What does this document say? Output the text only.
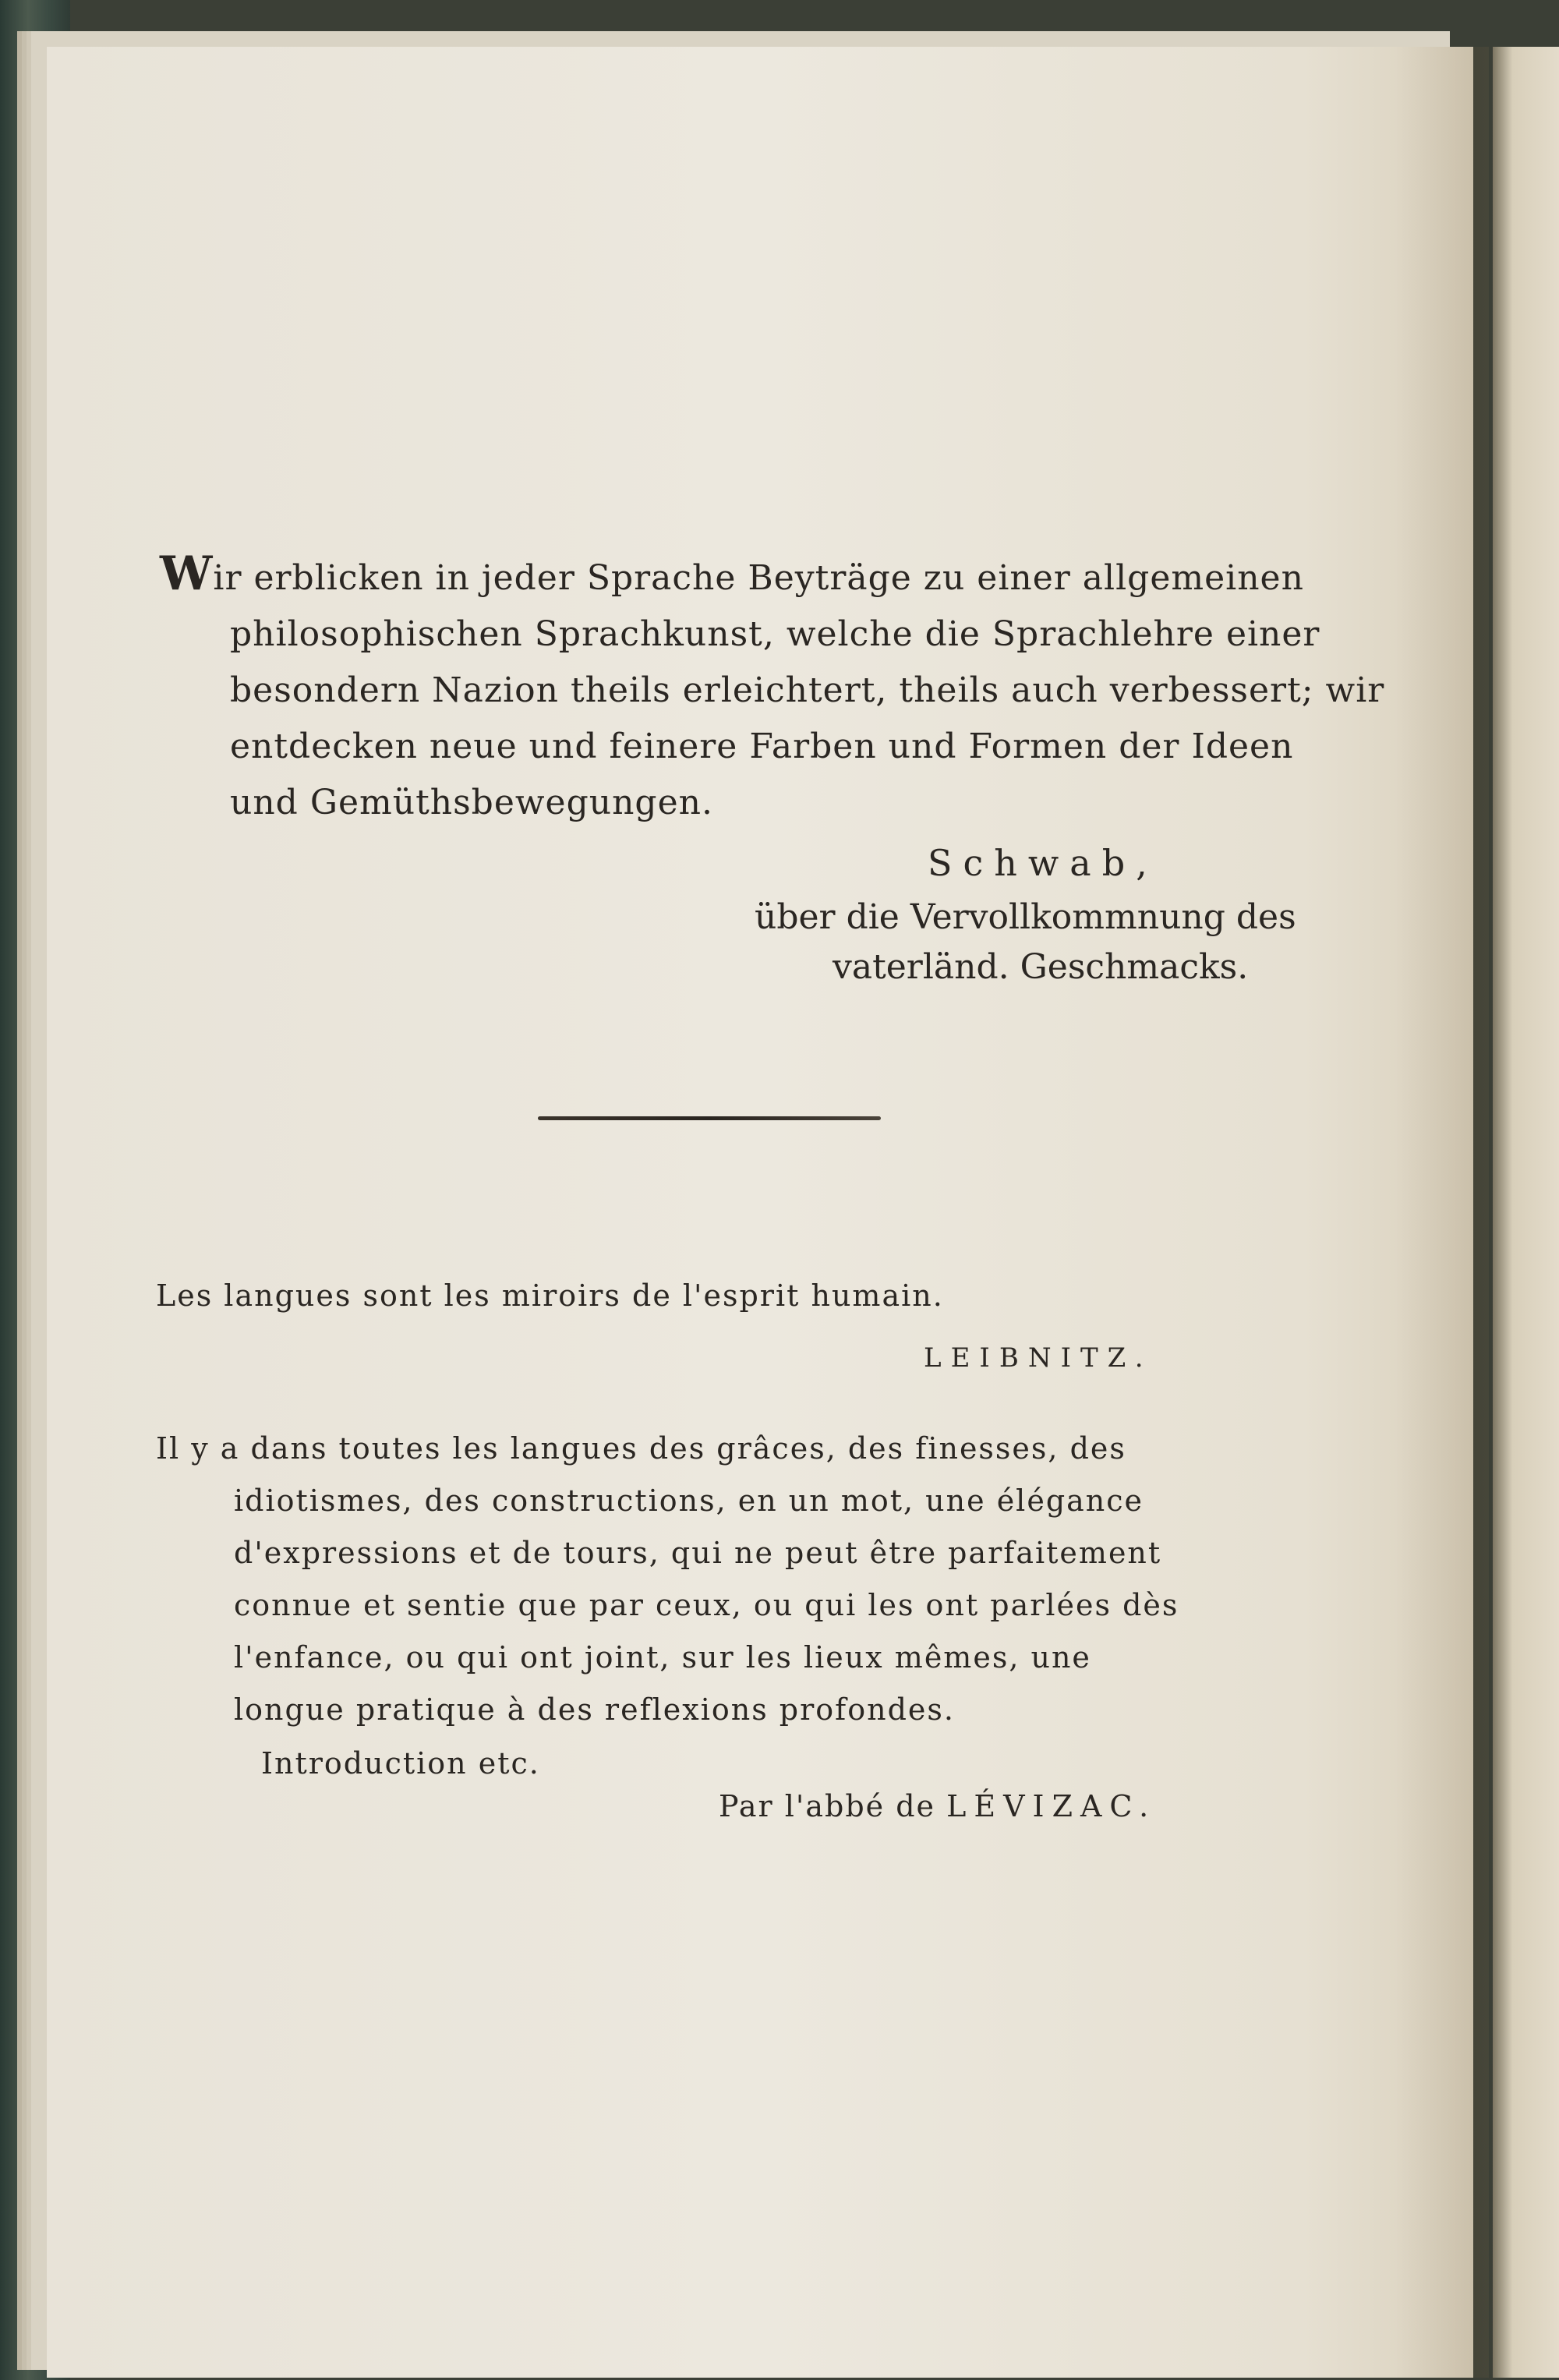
Wir erblicken in jeder Sprache Beyträge zu einer allgemeinen
philosophischen Sprachkunst, welche die Sprachlehre einer
besondern Nazion theils erleichtert, theils auch verbessert; wir
entdecken neue und feinere Farben und Formen der Ideen
und Gemüthsbewegungen.
Schwab,
über die Vervollkommnung des
vaterländ. Geschmacks.
Les langues sont les miroirs de l'esprit humain.
LEIBNITZ.
Il y a dans toutes les langues des grâces, des finesses, des
idiotismes, des constructions, en un mot, une élégance
d'expressions et de tours, qui ne peut être parfaitement
connue et sentie que par ceux, ou qui les ont parlées dès
l'enfance, ou qui ont joint, sur les lieux mêmes, une
longue pratique à des reflexions profondes.
Introduction etc.
Par l'abbé de LÉVIZAC.
